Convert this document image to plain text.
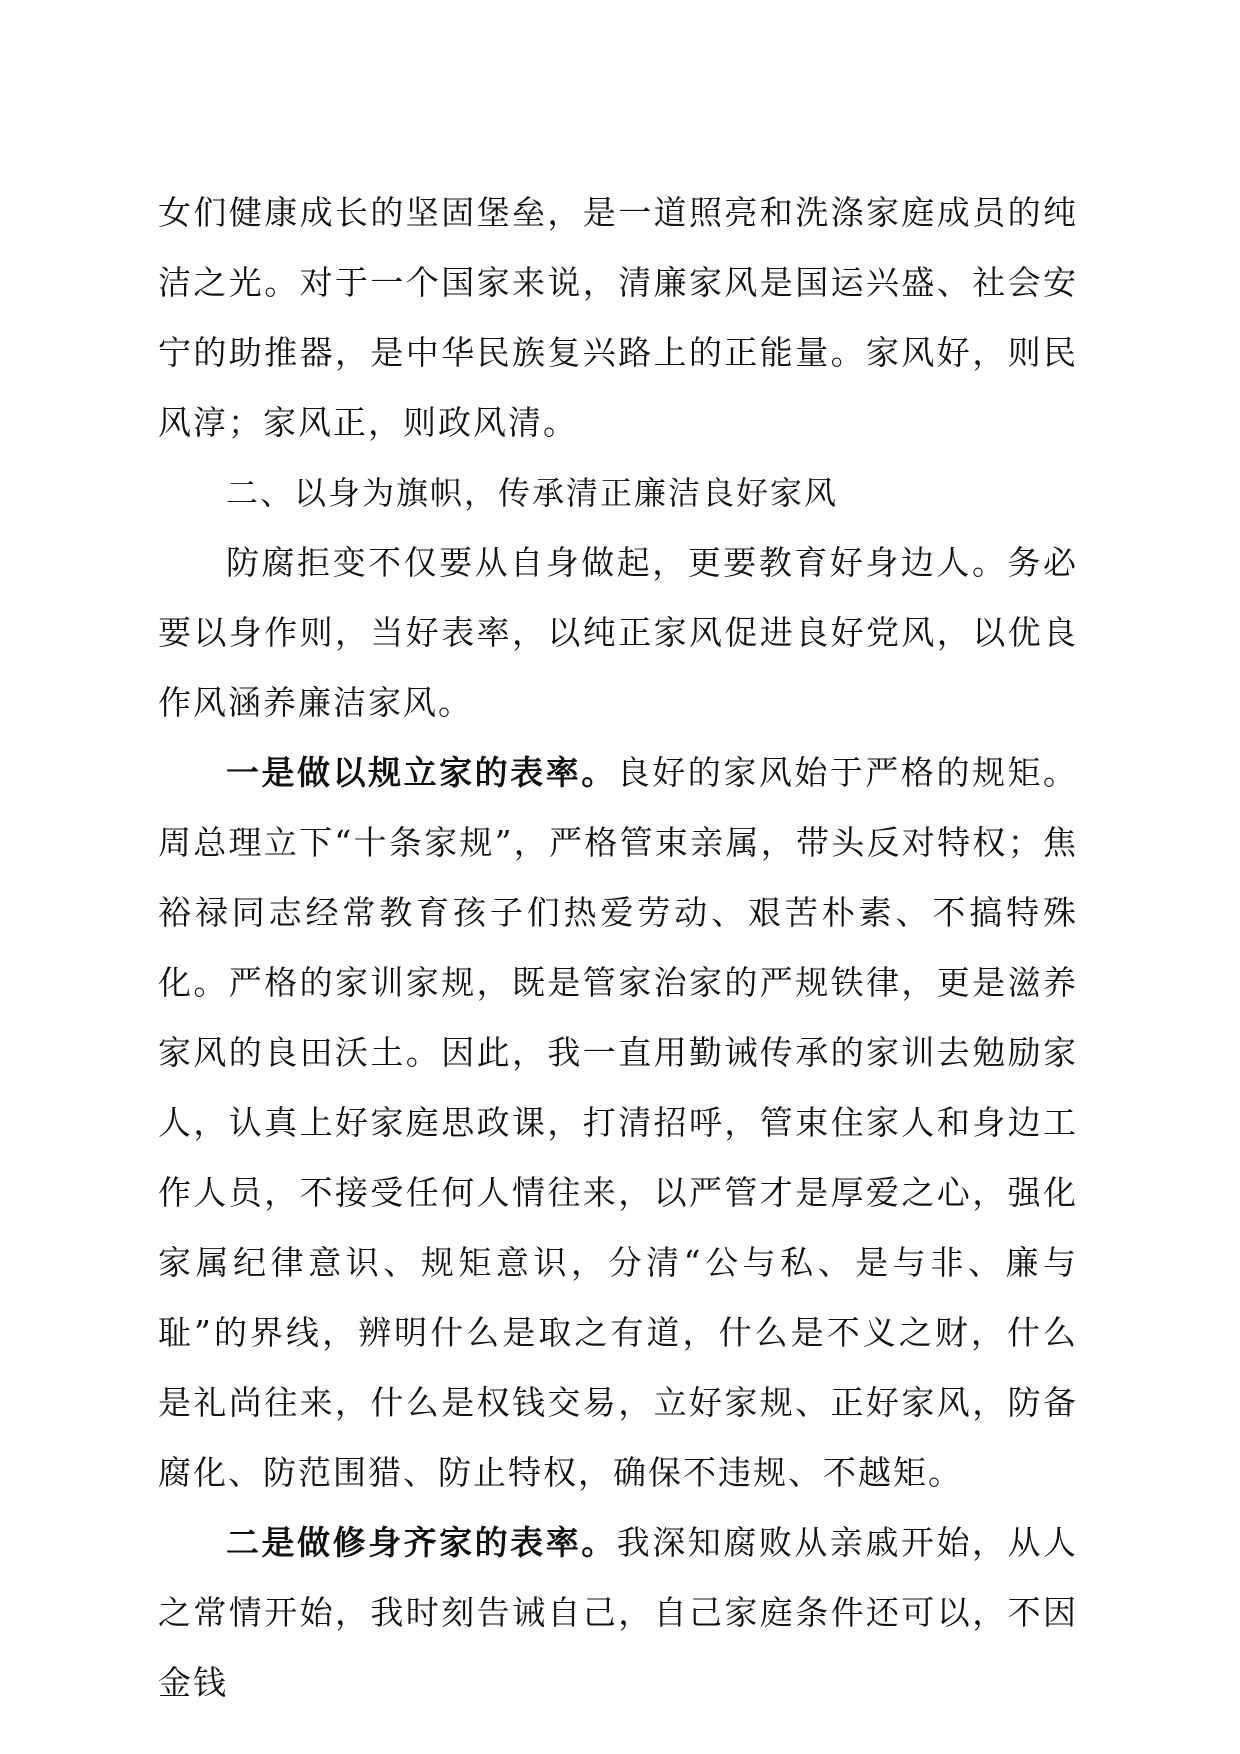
女们健康成长的坚固堡垒，是一道照亮和洗涤家庭成员的纯洁之光。对于一个国家来说，清廉家风是国运兴盛、社会安宁的助推器，是中华民族复兴路上的正能量。家风好，则民风淳；家风正，则政风清。

二、以身为旗帜，传承清正廉洁良好家风

防腐拒变不仅要从自身做起，更要教育好身边人。务必要以身作则，当好表率，以纯正家风促进良好党风，以优良作风涵养廉洁家风。

一是做以规立家的表率。良好的家风始于严格的规矩。周总理立下“十条家规”，严格管束亲属，带头反对特权；焦裕禄同志经常教育孩子们热爱劳动、艰苦朴素、不搞特殊化。严格的家训家规，既是管家治家的严规铁律，更是滋养家风的良田沃土。因此，我一直用勤诫传承的家训去勉励家人，认真上好家庭思政课，打清招呼，管束住家人和身边工作人员，不接受任何人情往来，以严管才是厚爱之心，强化家属纪律意识、规矩意识，分清“公与私、是与非、廉与耻”的界线，辨明什么是取之有道，什么是不义之财，什么是礼尚往来，什么是权钱交易，立好家规、正好家风，防备腐化、防范围猎、防止特权，确保不违规、不越矩。

二是做修身齐家的表率。我深知腐败从亲戚开始，从人之常情开始，我时刻告诫自己，自己家庭条件还可以，不因金钱
